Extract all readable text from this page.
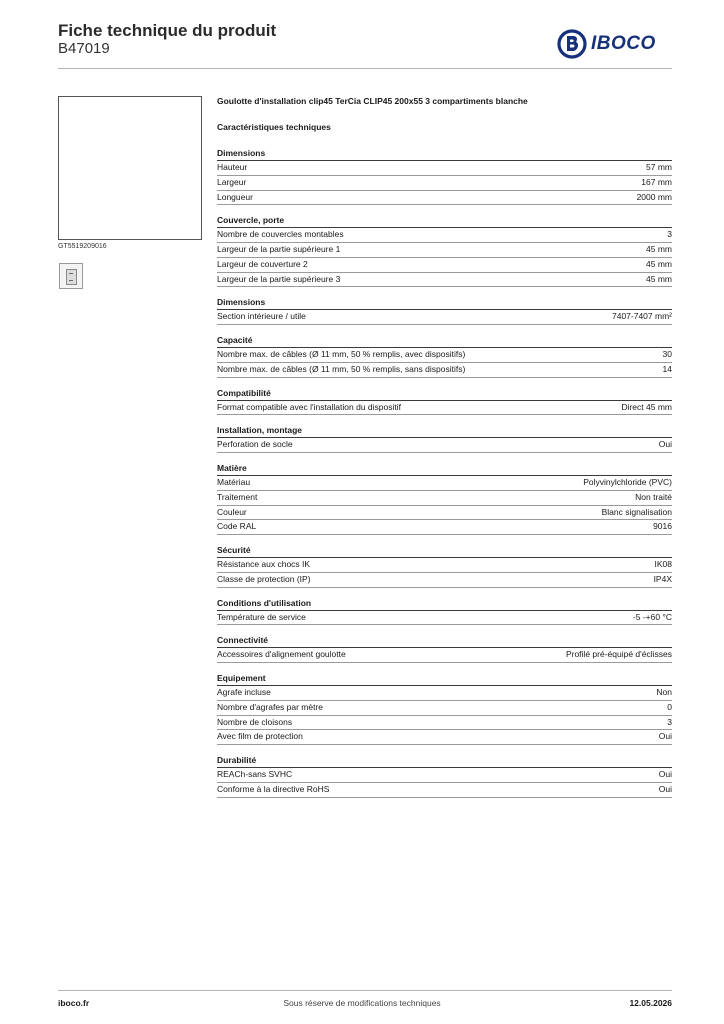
Fiche technique du produit
B47019	IBOCO
GT5519209016
Goulotte d'installation clip45 TerCia CLIP45 200x55 3 compartiments blanche
Caractéristiques techniques
Dimensions
Hauteur	57 mm
Largeur	167 mm
Longueur	2000 mm
Couvercle, porte
Nombre de couvercles montables	3
Largeur de la partie supérieure 1	45 mm
Largeur de couverture 2	45 mm
Largeur de la partie supérieure 3	45 mm
Dimensions
Section intérieure / utile	7407-7407 mm²
Capacité
Nombre max. de câbles (Ø 11 mm, 50 % remplis, avec dispositifs)	30
Nombre max. de câbles (Ø 11 mm, 50 % remplis, sans dispositifs)	14
Compatibilité
Format compatible avec l'installation du dispositif	Direct 45 mm
Installation, montage
Perforation de socle	Oui
Matière
Matériau	Polyvinylchloride (PVC)
Traitement	Non traité
Couleur	Blanc signalisation
Code RAL	9016
Sécurité
Résistance aux chocs IK	IK08
Classe de protection (IP)	IP4X
Conditions d'utilisation
Température de service	-5 -+60 °C
Connectivité
Accessoires d'alignement goulotte	Profilé pré-équipé d'éclisses
Equipement
Agrafe incluse	Non
Nombre d'agrafes par mètre	0
Nombre de cloisons	3
Avec film de protection	Oui
Durabilité
REACh-sans SVHC	Oui
Conforme à la directive RoHS	Oui
iboco.fr	Sous réserve de modifications techniques	12.05.2026
